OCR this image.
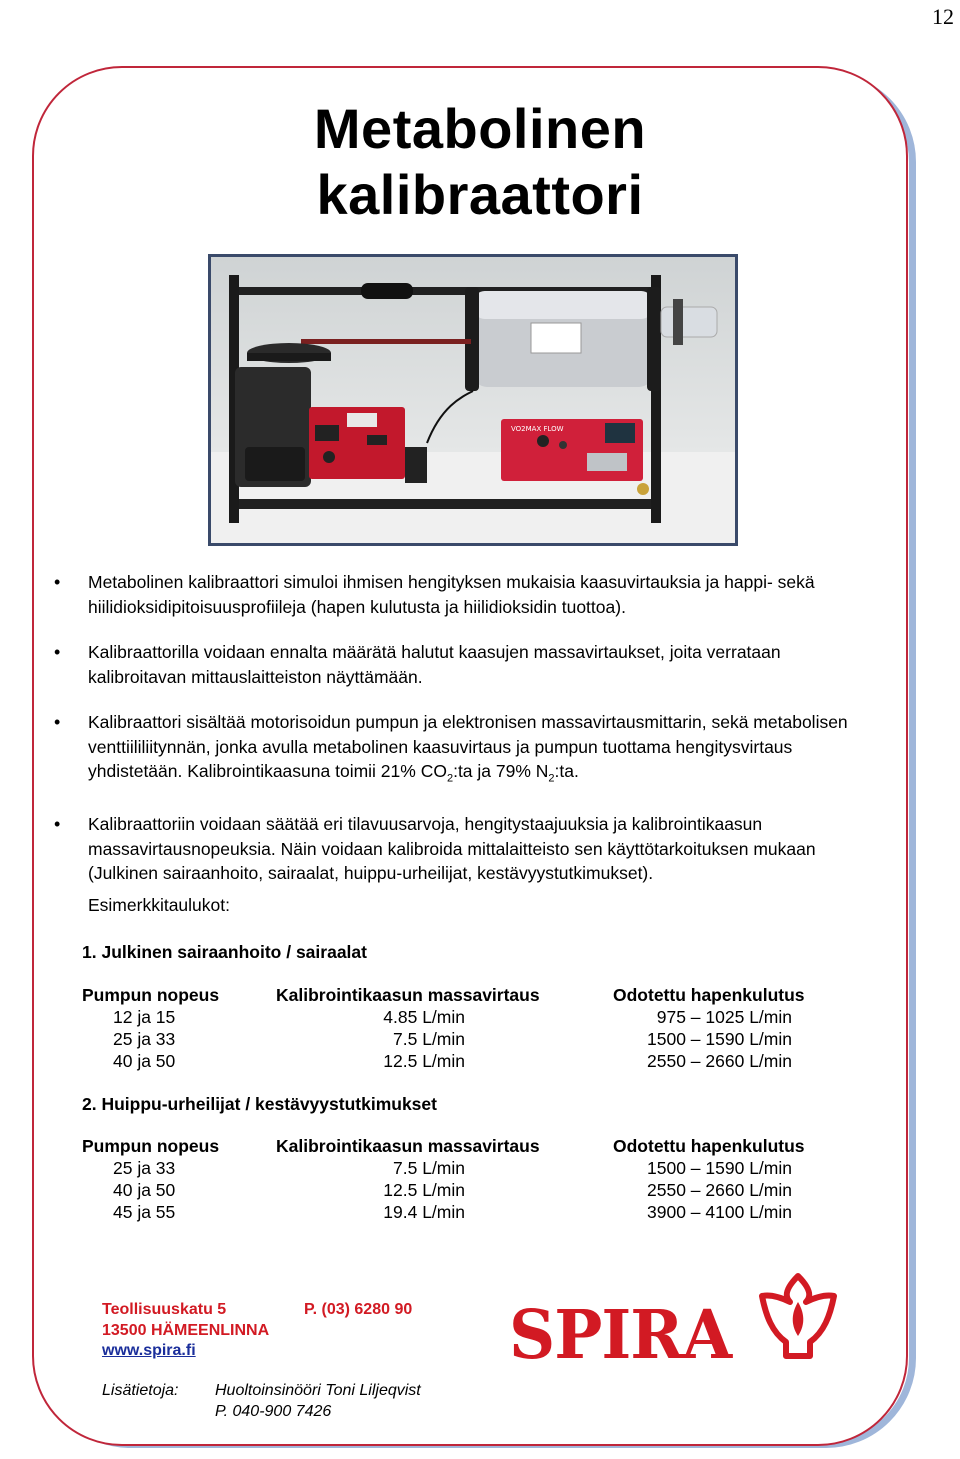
12
Metabolinen
kalibraattori
VO2MAX FLOW

• Metabolinen kalibraattori simuloi ihmisen hengityksen mukaisia kaasuvirtauksia ja happi- sekä hiilidioksidipitoisuusprofiileja (hapen kulutusta ja hiilidioksidin tuottoa).

• Kalibraattorilla voidaan ennalta määrätä halutut kaasujen massavirtaukset, joita verrataan kalibroitavan mittauslaitteiston näyttämään.

• Kalibraattori sisältää motorisoidun pumpun ja elektronisen massavirtausmittarin, sekä metabolisen venttiililiitynnän, jonka avulla metabolinen kaasuvirtaus ja pumpun tuottama hengitysvirtaus yhdistetään. Kalibrointikaasuna toimii 21% $CO_2:ta$ ja 79% $N_2:ta$.

• Kalibraattoriin voidaan säätää eri tilavuusarvoja, hengitystaajuuksia ja kalibrointikaasun massavirtausnopeuksia. Näin voidaan kalibroida mittalaitteisto sen käyttötarkoituksen mukaan (Julkinen sairaanhoito, sairaalat, huippu-urheilijat, kestävyystutkimukset).

Esimerkkitaulukot:
1. Julkinen sairaanhoito / sairaalat
Pumpun nopeus	Kalibrointikaasun massavirtaus	Odotettu hapenkulutus
12 ja 15	4.85 L/min	975 – 1025 L/min
25 ja 33	7.5 L/min	1500 – 1590 L/min
40 ja 50	12.5 L/min	2550 – 2660 L/min
2. Huippu-urheilijat / kestävyystutkimukset
Pumpun nopeus	Kalibrointikaasun massavirtaus	Odotettu hapenkulutus
25 ja 33	7.5 L/min	1500 – 1590 L/min
40 ja 50	12.5 L/min	2550 – 2660 L/min
45 ja 55	19.4 L/min	3900 – 4100 L/min
Teollisuuskatu 5
13500 HÄMEENLINNA
www.spira.fi
P. (03) 6280 90 SPIRA
Lisätietoja: Huoltoinsinööri Toni Liljeqvist
P. 040-900 7426
